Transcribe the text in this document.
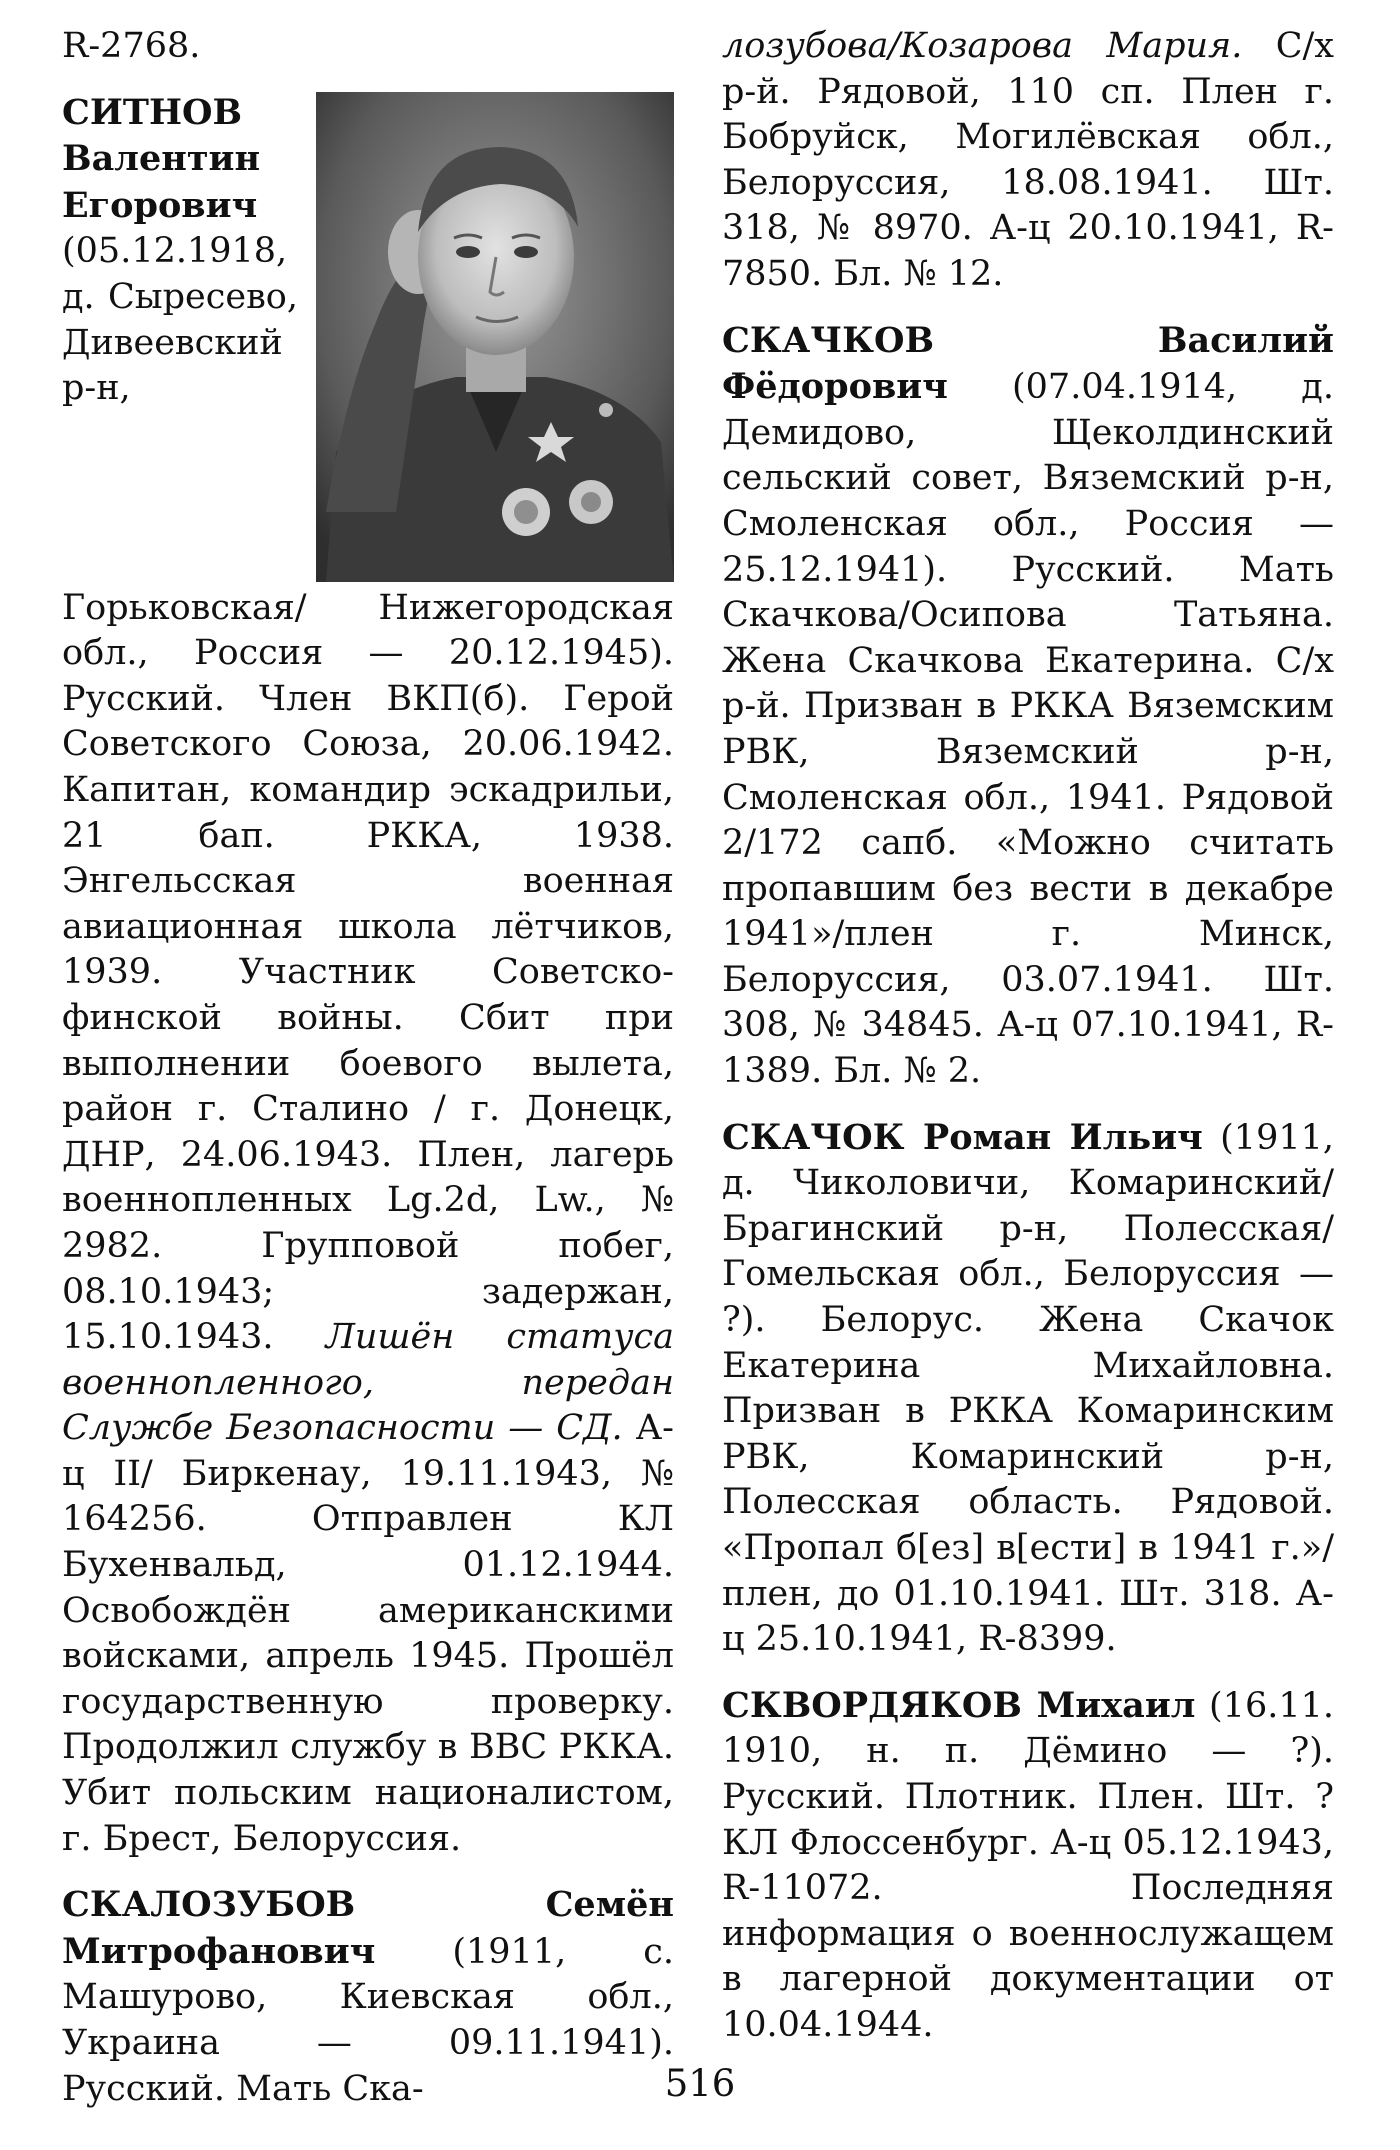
R-2768.

СИТНОВ Валентин Егорович (05.12.1918, д. Сыресево, Дивеевский р-н, Горьковская/ Нижегородская обл., Россия — 20.12.1945). Русский. Член ВКП(б). Герой Советского Союза, 20.06.1942. Капитан, командир эскадрильи, 21 бап. РККА, 1938. Энгельсская военная авиационная школа лётчиков, 1939. Участник Советско-финской войны. Сбит при выполнении боевого вылета, район г. Сталино / г. Донецк, ДНР, 24.06.1943. Плен, лагерь военнопленных Lg.2d, Lw., № 2982. Групповой побег, 08.10.1943; задержан, 15.10.1943. Лишён статуса военнопленного, передан Службе Безопасности — СД. А-ц II/ Биркенау, 19.11.1943, № 164256. Отправлен КЛ Бухенвальд, 01.12.1944. Освобождён американскими войсками, апрель 1945. Прошёл государственную проверку. Продолжил службу в ВВС РККА. Убит польским националистом, г. Брест, Белоруссия.

СКАЛОЗУБОВ Семён Митрофанович (1911, с. Машурово, Киевская обл., Украина — 09.11.1941). Русский. Мать Ска-

лозубова/Козарова Мария. С/х р-й. Рядовой, 110 сп. Плен г. Бобруйск, Могилёвская обл., Белоруссия, 18.08.1941. Шт. 318, № 8970. А-ц 20.10.1941, R-7850. Бл. № 12.

СКАЧКОВ Василий Фёдорович (07.04.1914, д. Демидово, Щеколдинский сельский совет, Вяземский р-н, Смоленская обл., Россия — 25.12.1941). Русский. Мать Скачкова/Осипова Татьяна. Жена Скачкова Екатерина. С/х р-й. Призван в РККА Вяземским РВК, Вяземский р-н, Смоленская обл., 1941. Рядовой 2/172 сапб. «Можно считать пропавшим без вести в декабре 1941»/плен г. Минск, Белоруссия, 03.07.1941. Шт. 308, № 34845. А-ц 07.10.1941, R-1389. Бл. № 2.

СКАЧОК Роман Ильич (1911, д. Чиколовичи, Комаринский/ Брагинский р-н, Полесская/ Гомельская обл., Белоруссия — ?). Белорус. Жена Скачок Екатерина Михайловна. Призван в РККА Комаринским РВК, Комаринский р-н, Полесская область. Рядовой. «Пропал б[ез] в[ести] в 1941 г.»/ плен, до 01.10.1941. Шт. 318. А-ц 25.10.1941, R-8399.

СКВОРДЯКОВ Михаил (16.11. 1910, н. п. Дёмино — ?). Русский. Плотник. Плен. Шт. ? КЛ Флоссенбург. А-ц 05.12.1943, R-11072. Последняя информация о военнослужащем в лагерной документации от 10.04.1944.

516
